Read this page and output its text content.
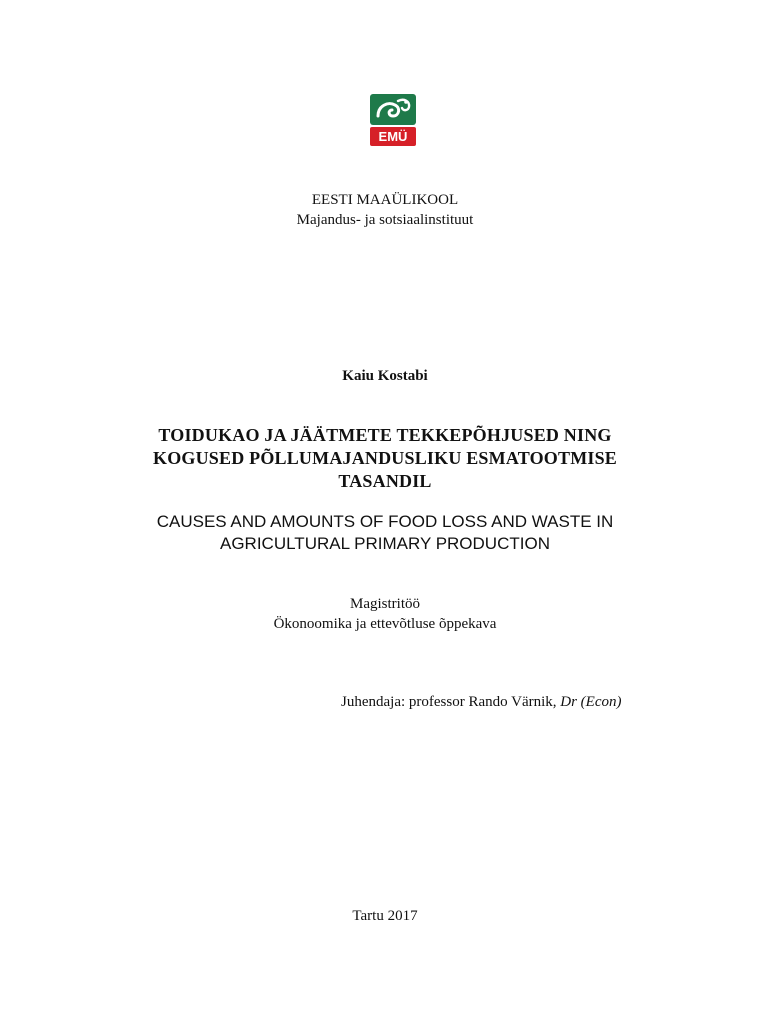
EMÜ
EESTI MAAÜLIKOOL
Majandus- ja sotsiaalinstituut
Kaiu Kostabi
TOIDUKAO JA JÄÄTMETE TEKKEPÕHJUSED NING
KOGUSED PÕLLUMAJANDUSLIKU ESMATOOTMISE
TASANDIL
CAUSES AND AMOUNTS OF FOOD LOSS AND WASTE IN
AGRICULTURAL PRIMARY PRODUCTION
Magistritöö
Ökonoomika ja ettevõtluse õppekava
Juhendaja: professor Rando Värnik, Dr (Econ)
Tartu 2017
